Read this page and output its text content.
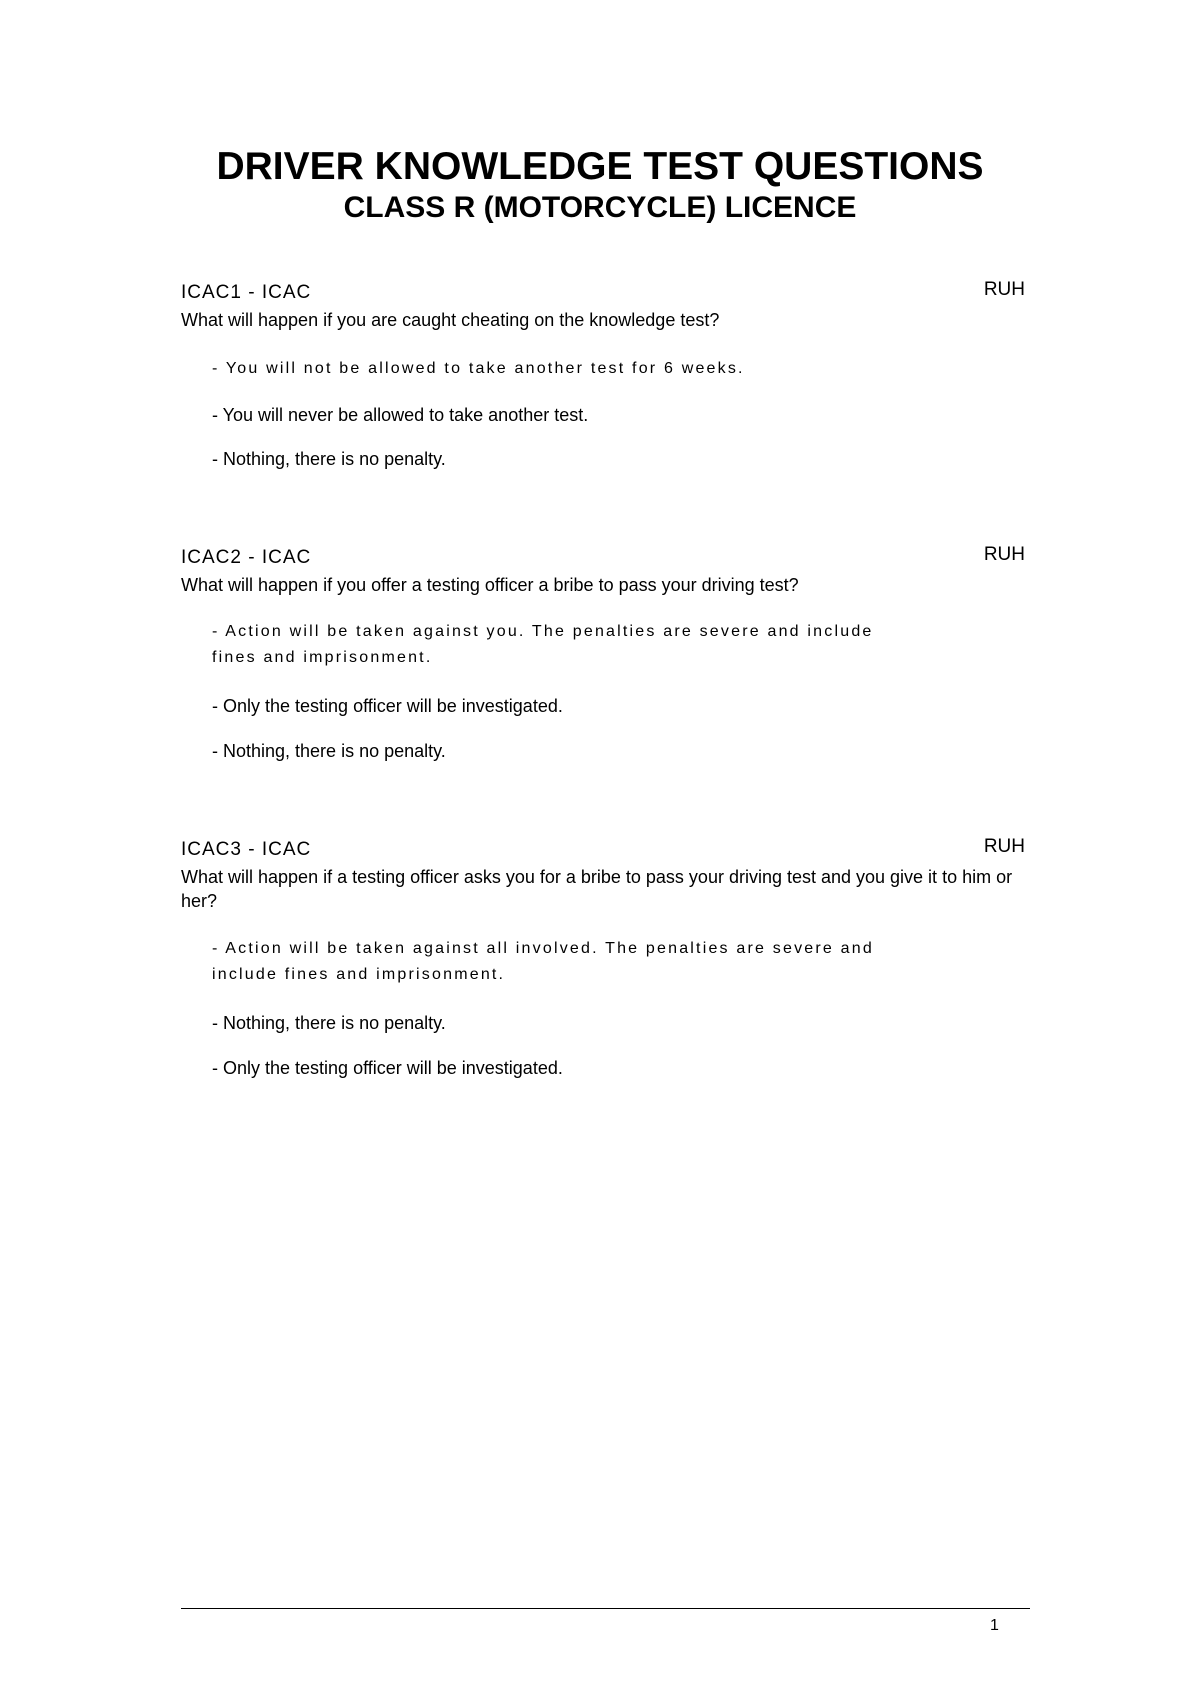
DRIVER KNOWLEDGE TEST QUESTIONS
CLASS R (MOTORCYCLE) LICENCE
ICAC1 - ICAC	RUH

What will happen if you are caught cheating on the knowledge test?

- You will not be allowed to take another test for 6 weeks.
- You will never be allowed to take another test.
- Nothing, there is no penalty.
ICAC2 - ICAC	RUH

What will happen if you offer a testing officer a bribe to pass your driving test?

- Action will be taken against you. The penalties are severe and include fines and imprisonment.
- Only the testing officer will be investigated.
- Nothing, there is no penalty.
ICAC3 - ICAC	RUH

What will happen if a testing officer asks you for a bribe to pass your driving test and you give it to him or her?

- Action will be taken against all involved. The penalties are severe and include fines and imprisonment.
- Nothing, there is no penalty.
- Only the testing officer will be investigated.
1
